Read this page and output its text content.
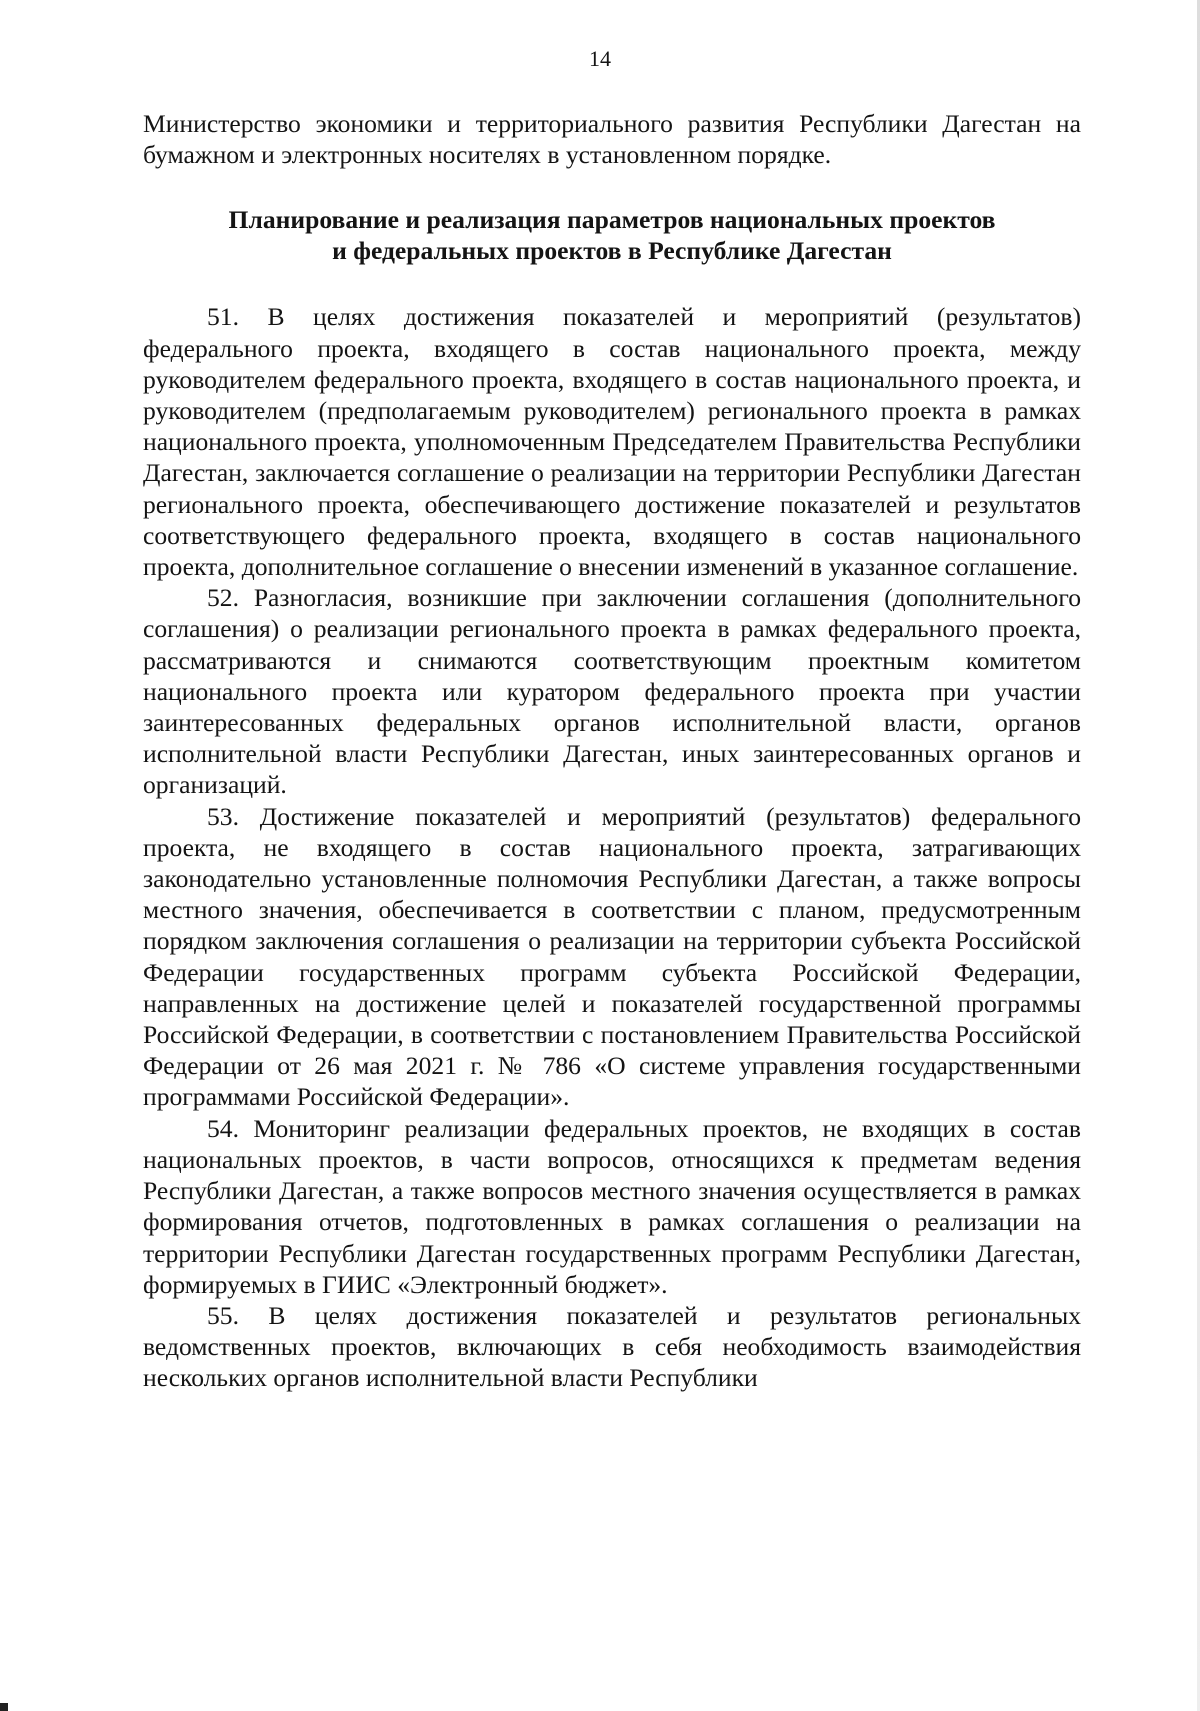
14

Министерство экономики и территориального развития Республики Дагестан на бумажном и электронных носителях в установленном порядке.

Планирование и реализация параметров национальных проектов
и федеральных проектов в Республике Дагестан

51. В целях достижения показателей и мероприятий (результатов) федерального проекта, входящего в состав национального проекта, между руководителем федерального проекта, входящего в состав национального проекта, и руководителем (предполагаемым руководителем) регионального проекта в рамках национального проекта, уполномоченным Председателем Правительства Республики Дагестан, заключается соглашение о реализации на территории Республики Дагестан регионального проекта, обеспечивающего достижение показателей и результатов соответствующего федерального проекта, входящего в состав национального проекта, дополнительное соглашение о внесении изменений в указанное соглашение.

52. Разногласия, возникшие при заключении соглашения (дополнительного соглашения) о реализации регионального проекта в рамках федерального проекта, рассматриваются и снимаются соответствующим проектным комитетом национального проекта или куратором федерального проекта при участии заинтересованных федеральных органов исполнительной власти, органов исполнительной власти Республики Дагестан, иных заинтересованных органов и организаций.

53. Достижение показателей и мероприятий (результатов) федерального проекта, не входящего в состав национального проекта, затрагивающих законодательно установленные полномочия Республики Дагестан, а также вопросы местного значения, обеспечивается в соответствии с планом, предусмотренным порядком заключения соглашения о реализации на территории субъекта Российской Федерации государственных программ субъекта Российской Федерации, направленных на достижение целей и показателей государственной программы Российской Федерации, в соответствии с постановлением Правительства Российской Федерации от 26 мая 2021 г. № 786 «О системе управления государственными программами Российской Федерации».

54. Мониторинг реализации федеральных проектов, не входящих в состав национальных проектов, в части вопросов, относящихся к предметам ведения Республики Дагестан, а также вопросов местного значения осуществляется в рамках формирования отчетов, подготовленных в рамках соглашения о реализации на территории Республики Дагестан государственных программ Республики Дагестан, формируемых в ГИИС «Электронный бюджет».

55. В целях достижения показателей и результатов региональных ведомственных проектов, включающих в себя необходимость взаимодействия нескольких органов исполнительной власти Республики
